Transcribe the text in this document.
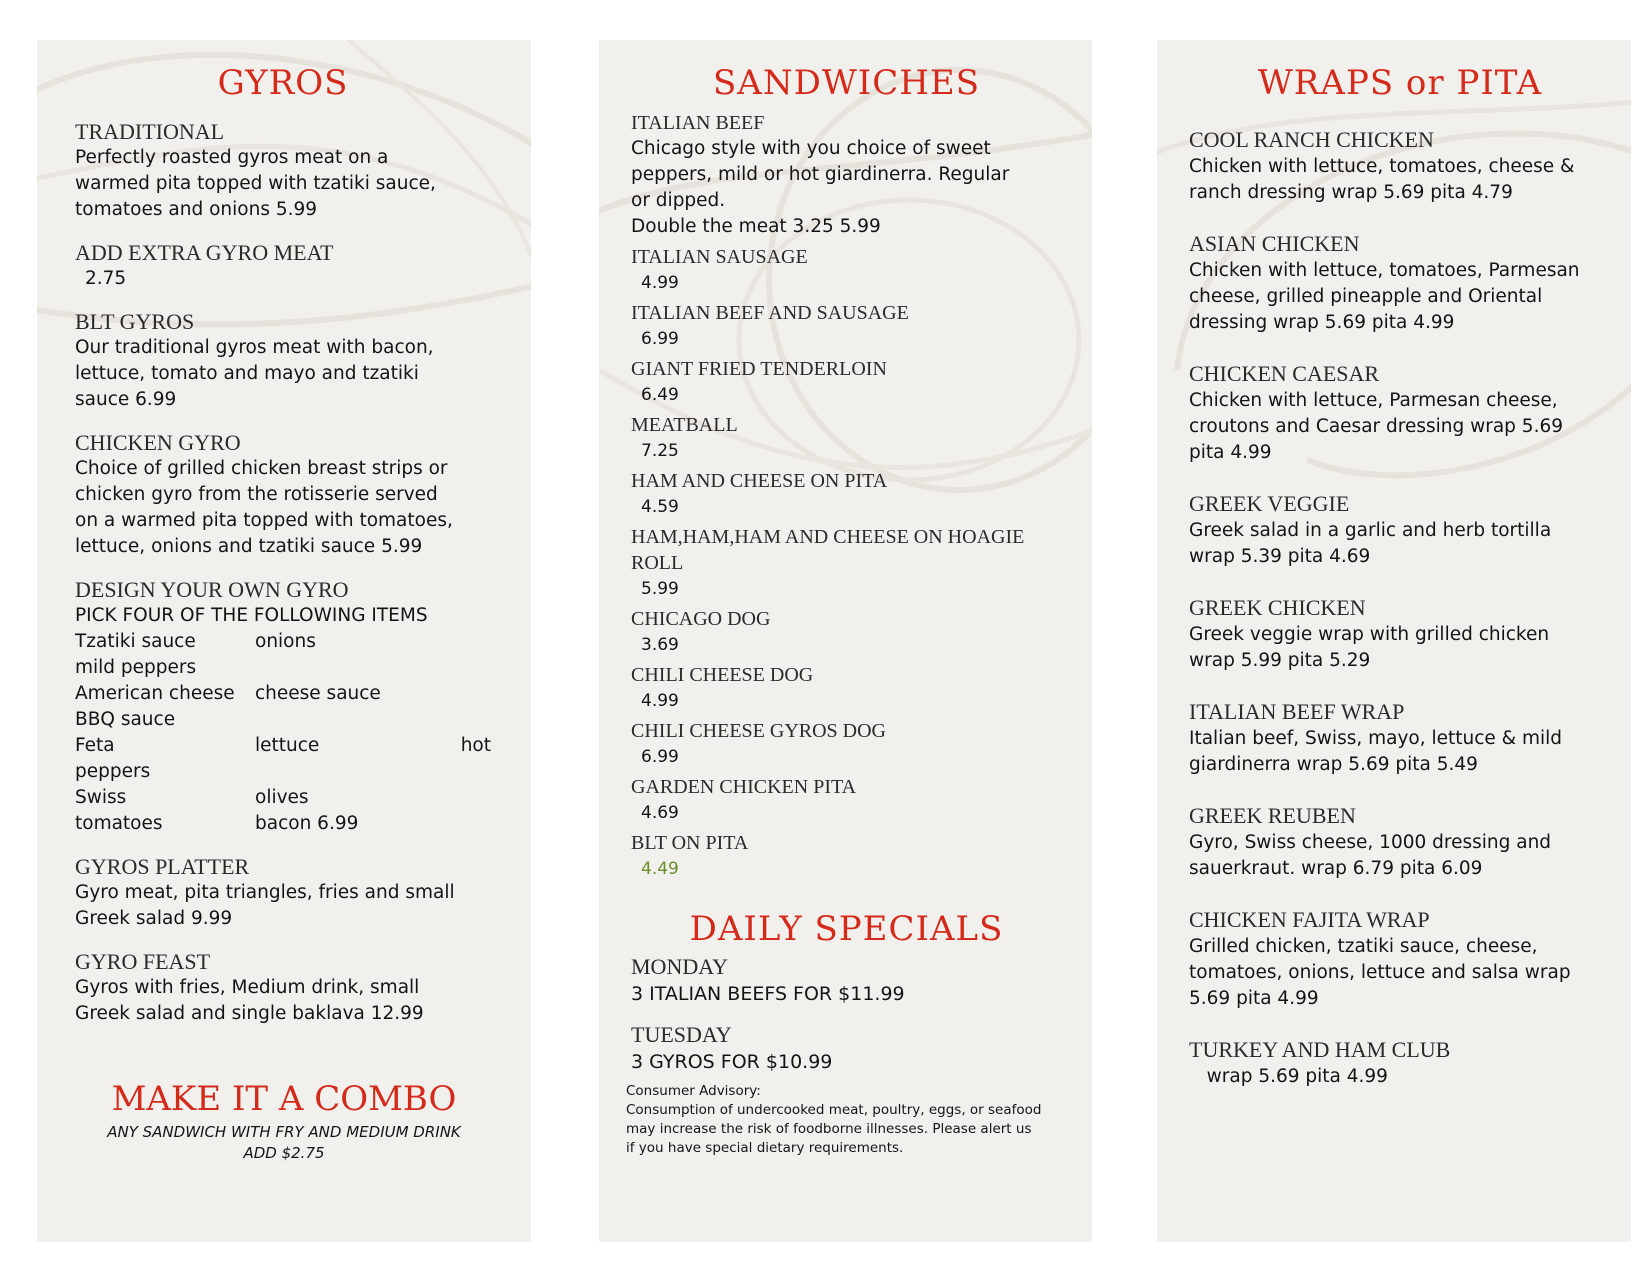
GYROS
TRADITIONAL
Perfectly roasted gyros meat on a
warmed pita topped with tzatiki sauce,
tomatoes and onions 5.99
ADD EXTRA GYRO MEAT
2.75
BLT GYROS
Our traditional gyros meat with bacon,
lettuce, tomato and mayo and tzatiki
sauce 6.99
CHICKEN GYRO
Choice of grilled chicken breast strips or
chicken gyro from the rotisserie served
on a warmed pita topped with tomatoes,
lettuce, onions and tzatiki sauce 5.99
DESIGN YOUR OWN GYRO
PICK FOUR OF THE FOLLOWING ITEMS
Tzatiki sauce	onions
mild peppers
American cheese	cheese sauce
BBQ sauce
Feta	lettuce	hot
peppers
Swiss	olives
tomatoes	bacon 6.99
GYROS PLATTER
Gyro meat, pita triangles, fries and small
Greek salad 9.99
GYRO FEAST
Gyros with fries, Medium drink, small
Greek salad and single baklava 12.99
MAKE IT A COMBO
ANY SANDWICH WITH FRY AND MEDIUM DRINK
ADD $2.75
SANDWICHES
ITALIAN BEEF
Chicago style with you choice of sweet
peppers, mild or hot giardinerra. Regular
or dipped.
Double the meat 3.25 5.99
ITALIAN SAUSAGE
4.99
ITALIAN BEEF AND SAUSAGE
6.99
GIANT FRIED TENDERLOIN
6.49
MEATBALL
7.25
HAM AND CHEESE ON PITA
4.59
HAM,HAM,HAM AND CHEESE ON HOAGIE ROLL
5.99
CHICAGO DOG
3.69
CHILI CHEESE DOG
4.99
CHILI CHEESE GYROS DOG
6.99
GARDEN CHICKEN PITA
4.69
BLT ON PITA
4.49
DAILY SPECIALS
MONDAY
3 ITALIAN BEEFS FOR $11.99
TUESDAY
3 GYROS FOR $10.99
Consumer Advisory:
Consumption of undercooked meat, poultry, eggs, or seafood
may increase the risk of foodborne illnesses. Please alert us
if you have special dietary requirements.
WRAPS or PITA
COOL RANCH CHICKEN
Chicken with lettuce, tomatoes, cheese &
ranch dressing wrap 5.69 pita 4.79
ASIAN CHICKEN
Chicken with lettuce, tomatoes, Parmesan
cheese, grilled pineapple and Oriental
dressing wrap 5.69 pita 4.99
CHICKEN CAESAR
Chicken with lettuce, Parmesan cheese,
croutons and Caesar dressing wrap 5.69
pita 4.99
GREEK VEGGIE
Greek salad in a garlic and herb tortilla
wrap 5.39 pita 4.69
GREEK CHICKEN
Greek veggie wrap with grilled chicken
wrap 5.99 pita 5.29
ITALIAN BEEF WRAP
Italian beef, Swiss, mayo, lettuce & mild
giardinerra wrap 5.69 pita 5.49
GREEK REUBEN
Gyro, Swiss cheese, 1000 dressing and
sauerkraut. wrap 6.79 pita 6.09
CHICKEN FAJITA WRAP
Grilled chicken, tzatiki sauce, cheese,
tomatoes, onions, lettuce and salsa wrap
5.69 pita 4.99
TURKEY AND HAM CLUB
wrap 5.69 pita 4.99
